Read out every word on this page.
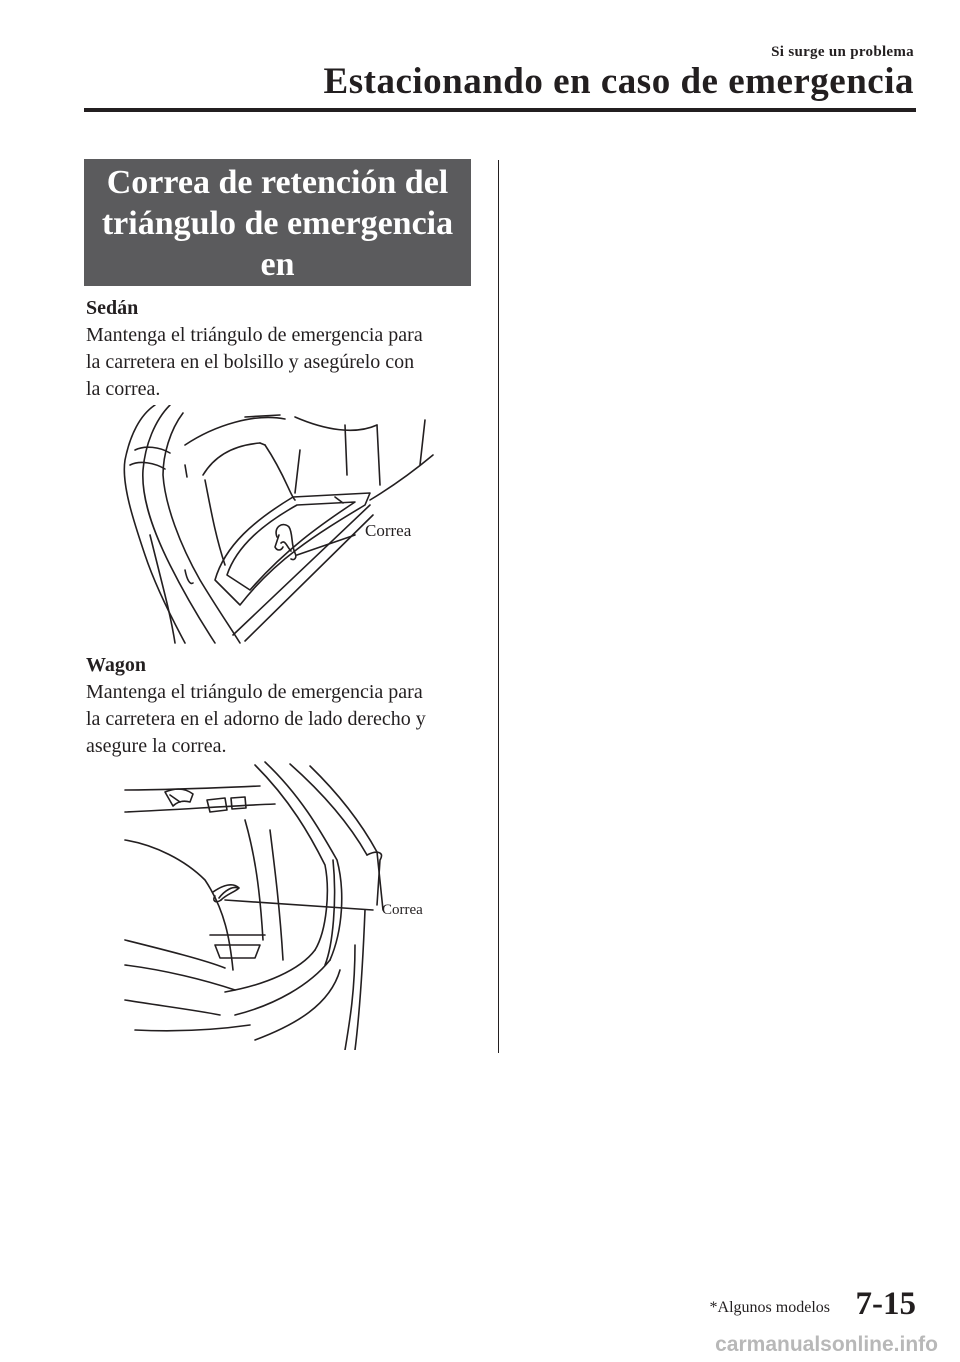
Si surge un problema
Estacionando en caso de emergencia
Correa de retención del
triángulo de emergencia en
el camino*
Sedán
Mantenga el triángulo de emergencia para
la carretera en el bolsillo y asegúrelo con
la correa.
Correa
Wagon
Mantenga el triángulo de emergencia para
la carretera en el adorno de lado derecho y
asegure la correa.
Correa
*Algunos modelos 7-15
carmanualsonline.info
